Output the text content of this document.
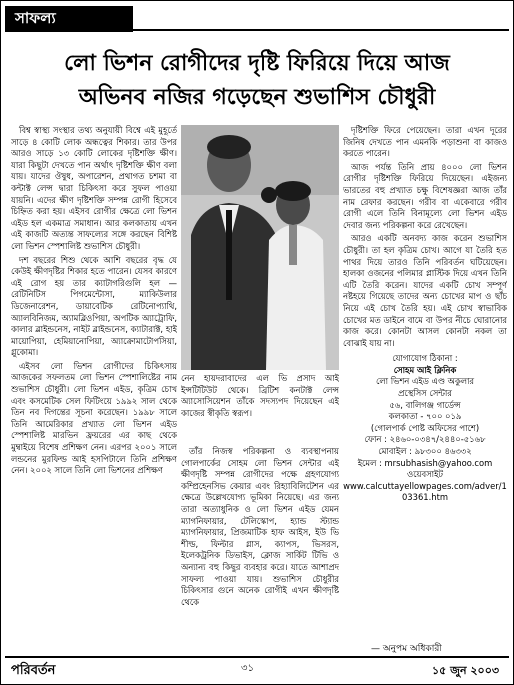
সাফল্য
লো ভিশন রোগীদের দৃষ্টি ফিরিয়ে দিয়ে আজ
অভিনব নজির গড়েছেন শুভাশিস চৌধুরী

বিশ্ব স্বাস্থ্য সংস্থার তথ্য অনুযায়ী বিশ্বে এই মুহূর্তে সাড়ে ৪ কোটি লোক অন্ধত্বের শিকার। তার উপর আরও সাড়ে ১৩ কোটি লোকের দৃষ্টিশক্তি ক্ষীণ। যারা কিছুটা দেখতে পান অর্থাৎ দৃষ্টিশক্তি ক্ষীণ বলা যায়। যাদের ঔষুধ, অপারেশন, প্রথাগত চশমা বা কন্টাক্ট লেন্স দ্বারা চিকিৎসা করে সুফল পাওয়া যায়নি। এদের ক্ষীণ দৃষ্টিশক্তি সম্পন্ন রোগী হিসেবে চিহ্নিত করা হয়। এইসব রোগীর ক্ষেত্রে লো ভিশন এইড হল একমাত্র সমাধান। আর কলকাতায় এখন এই কাজটি অত্যন্ত সাফল্যের সঙ্গে করছেন বিশিষ্ট লো ভিশন স্পেশালিষ্ট শুভাশিস চৌধুরী।

দশ বছরের শিশু থেকে আশি বছরের বৃদ্ধ যে কেউই ক্ষীণদৃষ্টির শিকার হতে পারেন। যেসব কারণে এই রোগ হয় তার ক্যাটাগরিগুলি হল — রেটিনিটিস পিগমেন্টোসা, ম্যাকিউলার ডিজেনারেশন, ডায়াবেটিক রেটিনোপ্যাথি, অ্যালবিনিজম, অ্যামব্লিওপিয়া, অপটিক অ্যাট্রোফি, কালার ব্লাইন্ডনেস, নাইট ব্লাইন্ডনেস, ক্যাটারাক্ট, হাই মায়োপিয়া, হেমিয়ানোপিয়া, অ্যাক্রোমাটোপসিয়া, গ্লুকোমা।

এইসব লো ভিশন রোগীদের চিকিৎসায় আজকের সফলতম লো ভিশন স্পেশালিষ্টের নাম শুভাশিস চৌধুরী। লো ভিশন এইড, কৃত্রিম চোখ এবং কসমেটিক সেল ফিটিংয়ে ১৯৯২ সাল থেকে তিন নব দিগন্তের সূচনা করেছেন। ১৯৯৮ সালে তিনি আমেরিকার প্রখ্যাত লো ভিশন এইড স্পেশালিষ্ট মারভিন ফ্রয়রের এর কাছ থেকে মুম্বাইয়ে বিশেষ প্রশিক্ষণ নেন। এরপর ২০০১ সালে লন্ডনের মুরফিল্ড আই হসপিটালে তিনি প্রশিক্ষণ নেন। ২০০২ সালে তিনি লো ভিশনের প্রশিক্ষণ

নেন হায়দরাবাদের এল ভি প্রসাদ আই ইন্সটিটিউট থেকে। ব্রিটিশ কনটাক্ট লেন্স অ্যাসোসিয়েশন তাঁকে সদস্যপদ দিয়েছেন এই কাজের স্বীকৃতি স্বরূপ।

তাঁর নিজস্ব পরিকল্পনা ও ব্যবস্থাপনায় গোলপার্কের সোহম লো ভিশন সেন্টার এই ক্ষীণদৃষ্টি সম্পন্ন রোগীদের পক্ষে গ্রহণযোগ্য কম্প্রিহেনসিভ কেয়ার এবং রিহ্যাবিলিটেশন এর ক্ষেত্রে উল্লেখযোগ্য ভূমিকা নিয়েছে। এর জন্য তারা অত্যাধুনিক ও লো ভিশন এইড যেমন ম্যাগনিফায়ার, টেলিস্কোপ, হ্যান্ড স্ট্যান্ড ম্যাগনিফায়ার, প্রিজমাটিক হাফ আইস, ইউ ভি শীল্ড, ফিল্টার গ্লাস, ক্যাপস, ভিসরস, ইলেকট্রনিক ডিভাইস, ক্লোজ সার্কিট টিভি ও অন্যান্য বহু কিছুর ব্যবহার করে। যাতে আশাপ্রদ সাফল্য পাওয়া যায়। শুভাশিস চৌধুরীর চিকিৎসার গুনে অনেক রোগীই এখন ক্ষীণদৃষ্টি থেকে

দৃষ্টিশক্তি ফিরে পেয়েছেন। তারা এখন দূরের জিনিষ দেখতে পান এমনকি পড়াশুনা বা কাজও করতে পারেন।

আজ পর্যন্ত তিনি প্রায় ৪০০০ লো ভিশন রোগীর দৃষ্টিশক্তি ফিরিয়ে দিয়েছেন। এইজন্য ভারতের বহু প্রখ্যাত চক্ষু বিশেষজ্ঞরা আজ তাঁর নাম রেফার করছেন। গরীব বা একেবারে গরীব রোগী এলে তিনি বিনামূল্যে লো ভিশন এইড দেবার জন্য পরিকল্পনা করে রেখেছেন।

আরও একটি অনবদ্য কাজ করেন শুভাশিস চৌধুরী। তা হল কৃত্রিম চোখ। আগে যা তৈরি হত পাথর দিয়ে তারও তিনি পরিবর্তন ঘটিয়েছেন। হালকা ওজনের পলিমার প্লাস্টিক দিয়ে এখন তিনি এটি তৈরি করেন। যাদের একটি চোখ সম্পূর্ণ নষ্টহয়ে গিয়েছে তাদের অন্য চোখের মাপ ও ছাঁচ নিয়ে এই চোখ তৈরি হয়। এই চোখ স্বাভাবিক চোখের মত ডাইনে বামে বা উপর নীচে ঘোরানোর কাজ করে। কোনটা আসল কোনটা নকল তা বোঝাই যায় না।

যোগাযোগ ঠিকানা :
সোহম আই ক্লিনিক
লো ভিশন এইড এণ্ড অকুলার
প্রস্থেসিস সেন্টার
৫৬, বালিগঞ্জ গার্ডেন্স
কলকাতা - ৭০০ ০১৯
(গোলপার্ক পোষ্ট অফিসের পাশে)
ফোন : ২৪৬০-০৩৪৭/২৪৪০-৫১৬৮
মোবাইল : ৯৮৩০০ ৪৬৩৩২
ইমেল : mrsubhasish@yahoo.com
ওয়েবসাইট
www.calcuttayellowpages.com/adver/103361.htm
— অনুপম অধিকারী
পরিবর্তন	৩১	১৫ জুন ২০০৩
